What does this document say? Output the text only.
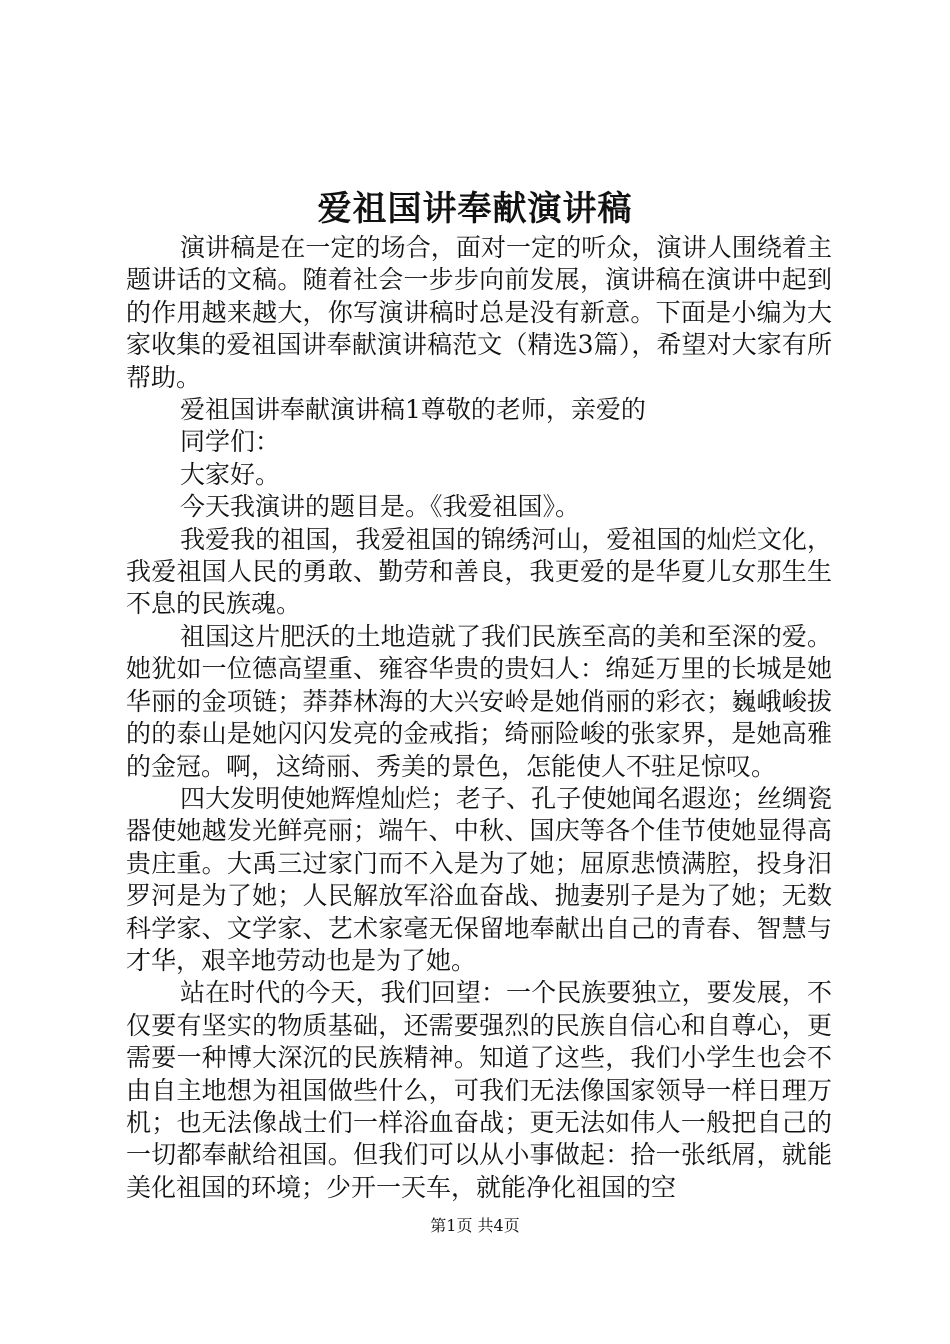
爱祖国讲奉献演讲稿

演讲稿是在一定的场合，面对一定的听众，演讲人围绕着主题讲话的文稿。随着社会一步步向前发展，演讲稿在演讲中起到的作用越来越大，你写演讲稿时总是没有新意。下面是小编为大家收集的爱祖国讲奉献演讲稿范文（精选3篇），希望对大家有所帮助。

爱祖国讲奉献演讲稿1尊敬的老师，亲爱的

同学们：

大家好。

今天我演讲的题目是。《我爱祖国》。

我爱我的祖国，我爱祖国的锦绣河山，爱祖国的灿烂文化，我爱祖国人民的勇敢、勤劳和善良，我更爱的是华夏儿女那生生不息的民族魂。

祖国这片肥沃的土地造就了我们民族至高的美和至深的爱。她犹如一位德高望重、雍容华贵的贵妇人：绵延万里的长城是她华丽的金项链；莽莽林海的大兴安岭是她俏丽的彩衣；巍峨峻拔的的泰山是她闪闪发亮的金戒指；绮丽险峻的张家界，是她高雅的金冠。啊，这绮丽、秀美的景色，怎能使人不驻足惊叹。

四大发明使她辉煌灿烂；老子、孔子使她闻名遐迩；丝绸瓷器使她越发光鲜亮丽；端午、中秋、国庆等各个佳节使她显得高贵庄重。大禹三过家门而不入是为了她；屈原悲愤满腔，投身汨罗河是为了她；人民解放军浴血奋战、抛妻别子是为了她；无数科学家、文学家、艺术家毫无保留地奉献出自己的青春、智慧与才华，艰辛地劳动也是为了她。

站在时代的今天，我们回望：一个民族要独立，要发展，不仅要有坚实的物质基础，还需要强烈的民族自信心和自尊心，更需要一种博大深沉的民族精神。知道了这些，我们小学生也会不由自主地想为祖国做些什么，可我们无法像国家领导一样日理万机；也无法像战士们一样浴血奋战；更无法如伟人一般把自己的一切都奉献给祖国。但我们可以从小事做起：拾一张纸屑，就能美化祖国的环境；少开一天车，就能净化祖国的空

第1页 共4页
